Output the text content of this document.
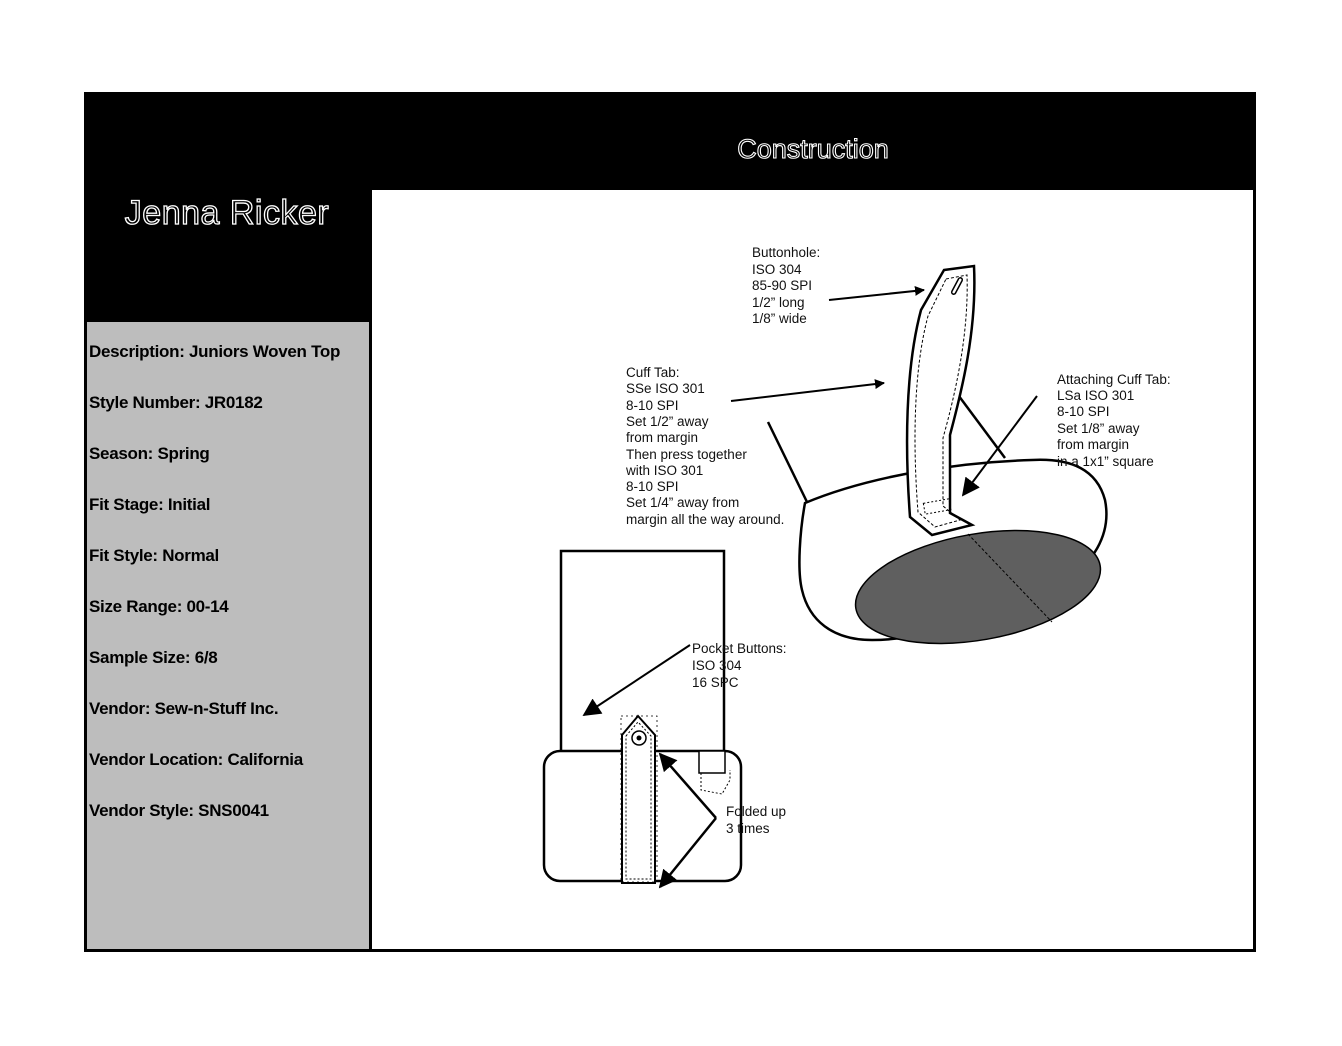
Jenna Ricker
Construction
Description: Juniors Woven Top
Style Number: JR0182
Season: Spring
Fit Stage: Initial
Fit Style: Normal
Size Range: 00-14
Sample Size: 6/8
Vendor: Sew-n-Stuff Inc.
Vendor Location: California
Vendor Style: SNS0041
Buttonhole: ISO 304 85-90 SPI 1/2” long 1/8” wide
Cuff Tab: SSe ISO 301 8-10 SPI Set 1/2” away from margin Then press together with ISO 301 8-10 SPI Set 1/4” away from margin all the way around.
Attaching Cuff Tab: LSa ISO 301 8-10 SPI Set 1/8” away from margin in a 1x1” square
Pocket Buttons: ISO 304 16 SPC
Folded up 3 times
